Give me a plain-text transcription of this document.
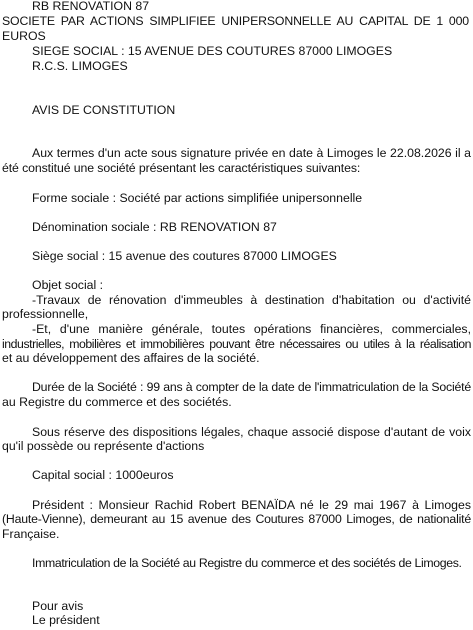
RB RENOVATION 87
SOCIETE PAR ACTIONS SIMPLIFIEE UNIPERSONNELLE AU CAPITAL DE 1 000
EUROS
SIEGE SOCIAL : 15 AVENUE DES COUTURES 87000 LIMOGES
R.C.S. LIMOGES
AVIS DE CONSTITUTION
Aux termes d'un acte sous signature privée en date à Limoges le 22.08.2026 il a
été constitué une société présentant les caractéristiques suivantes:
Forme sociale : Société par actions simplifiée unipersonnelle
Dénomination sociale : RB RENOVATION 87
Siège social : 15 avenue des coutures 87000 LIMOGES
Objet social :
-Travaux de rénovation d'immeubles à destination d'habitation ou d'activité
professionnelle,
-Et, d'une manière générale, toutes opérations financières, commerciales,
industrielles, mobilières et immobilières pouvant être nécessaires ou utiles à la réalisation
et au développement des affaires de la société.
Durée de la Société : 99 ans à compter de la date de l'immatriculation de la Société
au Registre du commerce et des sociétés.
Sous réserve des dispositions légales, chaque associé dispose d'autant de voix
qu'il possède ou représente d'actions
Capital social : 1000euros
Président : Monsieur Rachid Robert BENAÏDA né le 29 mai 1967 à Limoges
(Haute-Vienne), demeurant au 15 avenue des Coutures 87000 Limoges, de nationalité
Française.
Immatriculation de la Société au Registre du commerce et des sociétés de Limoges.
Pour avis
Le président
